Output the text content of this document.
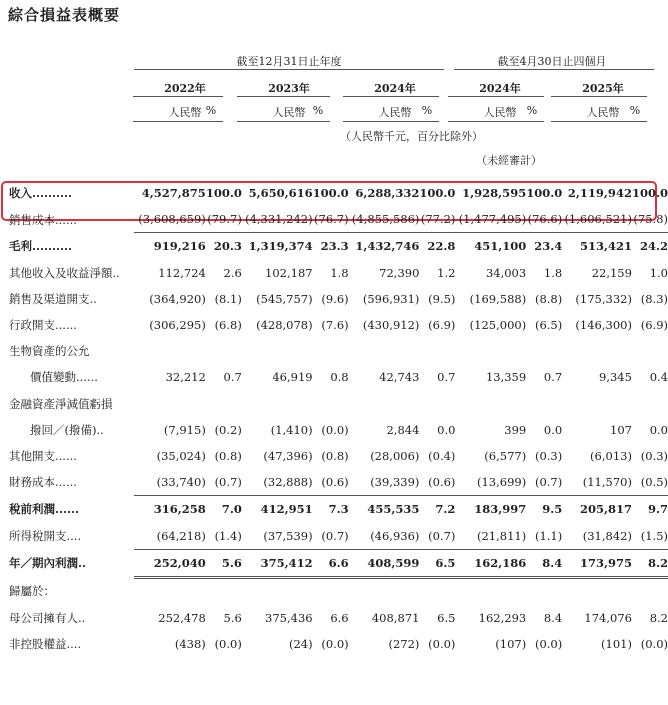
綜合損益表概要
截至12月31日止年度	截至4月30日止四個月
2022年	2023年	2024年	2024年	2025年
人民幣 %	人民幣 %	人民幣 %	人民幣 %	人民幣 %
（人民幣千元，百分比除外）
（未經審計）
收入..........	4,527,875	100.0	5,650,616	100.0	6,288,332	100.0	1,928,595	100.0	2,119,942	100.0
銷售成本......	(3,608,659)	(79.7)	(4,331,242)	(76.7)	(4,855,586)	(77.2)	(1,477,495)	(76.6)	(1,606,521)	(75.8)
毛利..........	919,216	20.3	1,319,374	23.3	1,432,746	22.8	451,100	23.4	513,421	24.2
其他收入及收益淨額..	112,724	2.6	102,187	1.8	72,390	1.2	34,003	1.8	22,159	1.0
銷售及渠道開支..	(364,920)	(8.1)	(545,757)	(9.6)	(596,931)	(9.5)	(169,588)	(8.8)	(175,332)	(8.3)
行政開支......	(306,295)	(6.8)	(428,078)	(7.6)	(430,912)	(6.9)	(125,000)	(6.5)	(146,300)	(6.9)
生物資產的公允										
價值變動......	32,212	0.7	46,919	0.8	42,743	0.7	13,359	0.7	9,345	0.4
金融資產淨減值虧損										
撥回／(撥備)..	(7,915)	(0.2)	(1,410)	(0.0)	2,844	0.0	399	0.0	107	0.0
其他開支......	(35,024)	(0.8)	(47,396)	(0.8)	(28,006)	(0.4)	(6,577)	(0.3)	(6,013)	(0.3)
財務成本......	(33,740)	(0.7)	(32,888)	(0.6)	(39,339)	(0.6)	(13,699)	(0.7)	(11,570)	(0.5)
稅前利潤......	316,258	7.0	412,951	7.3	455,535	7.2	183,997	9.5	205,817	9.7
所得稅開支....	(64,218)	(1.4)	(37,539)	(0.7)	(46,936)	(0.7)	(21,811)	(1.1)	(31,842)	(1.5)
年／期內利潤..	252,040	5.6	375,412	6.6	408,599	6.5	162,186	8.4	173,975	8.2
歸屬於：										
母公司擁有人..	252,478	5.6	375,436	6.6	408,871	6.5	162,293	8.4	174,076	8.2
非控股權益....	(438)	(0.0)	(24)	(0.0)	(272)	(0.0)	(107)	(0.0)	(101)	(0.0)
